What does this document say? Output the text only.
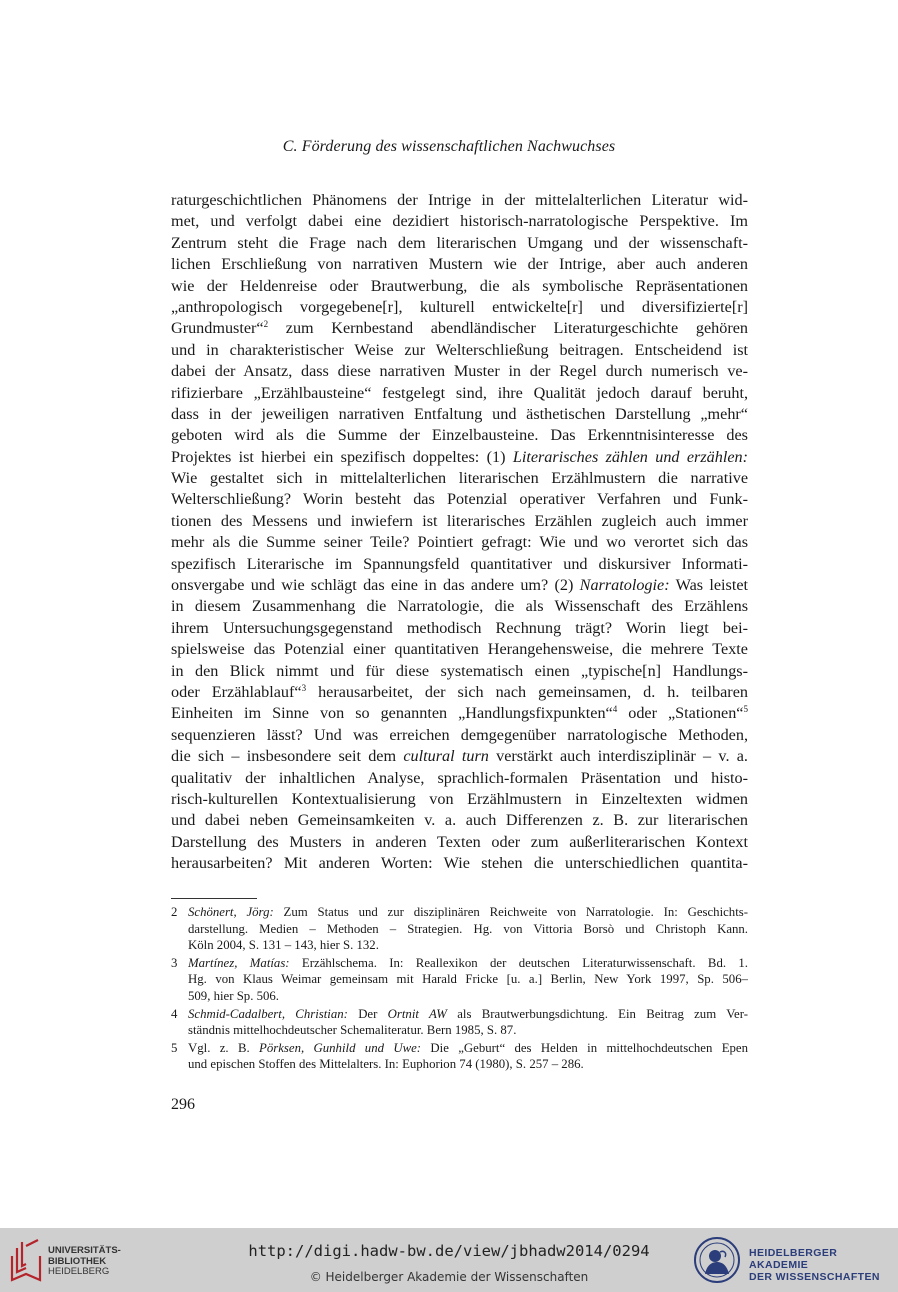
C. Förderung des wissenschaftlichen Nachwuchses
raturgeschichtlichen Phänomens der Intrige in der mittelalterlichen Literatur wid-
met, und verfolgt dabei eine dezidiert historisch-narratologische Perspektive. Im
Zentrum steht die Frage nach dem literarischen Umgang und der wissenschaft-
lichen Erschließung von narrativen Mustern wie der Intrige, aber auch anderen
wie der Heldenreise oder Brautwerbung, die als symbolische Repräsentationen
„anthropologisch vorgegebene[r], kulturell entwickelte[r] und diversifizierte[r]
Grundmuster“$^2$ zum Kernbestand abendländischer Literaturgeschichte gehören
und in charakteristischer Weise zur Welterschließung beitragen. Entscheidend ist
dabei der Ansatz, dass diese narrativen Muster in der Regel durch numerisch ve-
rifizierbare „Erzählbausteine“ festgelegt sind, ihre Qualität jedoch darauf beruht,
dass in der jeweiligen narrativen Entfaltung und ästhetischen Darstellung „mehr“
geboten wird als die Summe der Einzelbausteine. Das Erkenntnisinteresse des
Projektes ist hierbei ein spezifisch doppeltes: (1) Literarisches zählen und erzählen:
Wie gestaltet sich in mittelalterlichen literarischen Erzählmustern die narrative
Welterschließung? Worin besteht das Potenzial operativer Verfahren und Funk-
tionen des Messens und inwiefern ist literarisches Erzählen zugleich auch immer
mehr als die Summe seiner Teile? Pointiert gefragt: Wie und wo verortet sich das
spezifisch Literarische im Spannungsfeld quantitativer und diskursiver Informati-
onsvergabe und wie schlägt das eine in das andere um? (2) Narratologie: Was leistet
in diesem Zusammenhang die Narratologie, die als Wissenschaft des Erzählens
ihrem Untersuchungsgegenstand methodisch Rechnung trägt? Worin liegt bei-
spielsweise das Potenzial einer quantitativen Herangehensweise, die mehrere Texte
in den Blick nimmt und für diese systematisch einen „typische[n] Handlungs-
oder Erzählablauf“$^3$ herausarbeitet, der sich nach gemeinsamen, d. h. teilbaren
Einheiten im Sinne von so genannten „Handlungsfixpunkten“$^4$ oder „Stationen“$^5$
sequenzieren lässt? Und was erreichen demgegenüber narratologische Methoden,
die sich – insbesondere seit dem cultural turn verstärkt auch interdisziplinär – v. a.
qualitativ der inhaltlichen Analyse, sprachlich-formalen Präsentation und histo-
risch-kulturellen Kontextualisierung von Erzählmustern in Einzeltexten widmen
und dabei neben Gemeinsamkeiten v. a. auch Differenzen z. B. zur literarischen
Darstellung des Musters in anderen Texten oder zum außerliterarischen Kontext
herausarbeiten? Mit anderen Worten: Wie stehen die unterschiedlichen quantita-
2 Schönert, Jörg: Zum Status und zur disziplinären Reichweite von Narratologie. In: Geschichts-
darstellung. Medien – Methoden – Strategien. Hg. von Vittoria Borsò und Christoph Kann.
Köln 2004, S. 131 – 143, hier S. 132.
3 Martínez, Matías: Erzählschema. In: Reallexikon der deutschen Literaturwissenschaft. Bd. 1.
Hg. von Klaus Weimar gemeinsam mit Harald Fricke [u. a.] Berlin, New York 1997, Sp. 506–
509, hier Sp. 506.
4 Schmid-Cadalbert, Christian: Der Ortnit AW als Brautwerbungsdichtung. Ein Beitrag zum Ver-
ständnis mittelhochdeutscher Schemaliteratur. Bern 1985, S. 87.
5 Vgl. z. B. Pörksen, Gunhild und Uwe: Die „Geburt“ des Helden in mittelhochdeutschen Epen
und epischen Stoffen des Mittelalters. In: Euphorion 74 (1980), S. 257 – 286.
296
UNIVERSITÄTS-
BIBLIOTHEK
HEIDELBERG
http://digi.hadw-bw.de/view/jbhadw2014/0294
© Heidelberger Akademie der Wissenschaften
HEIDELBERGER AKADEMIE
DER WISSENSCHAFTEN
